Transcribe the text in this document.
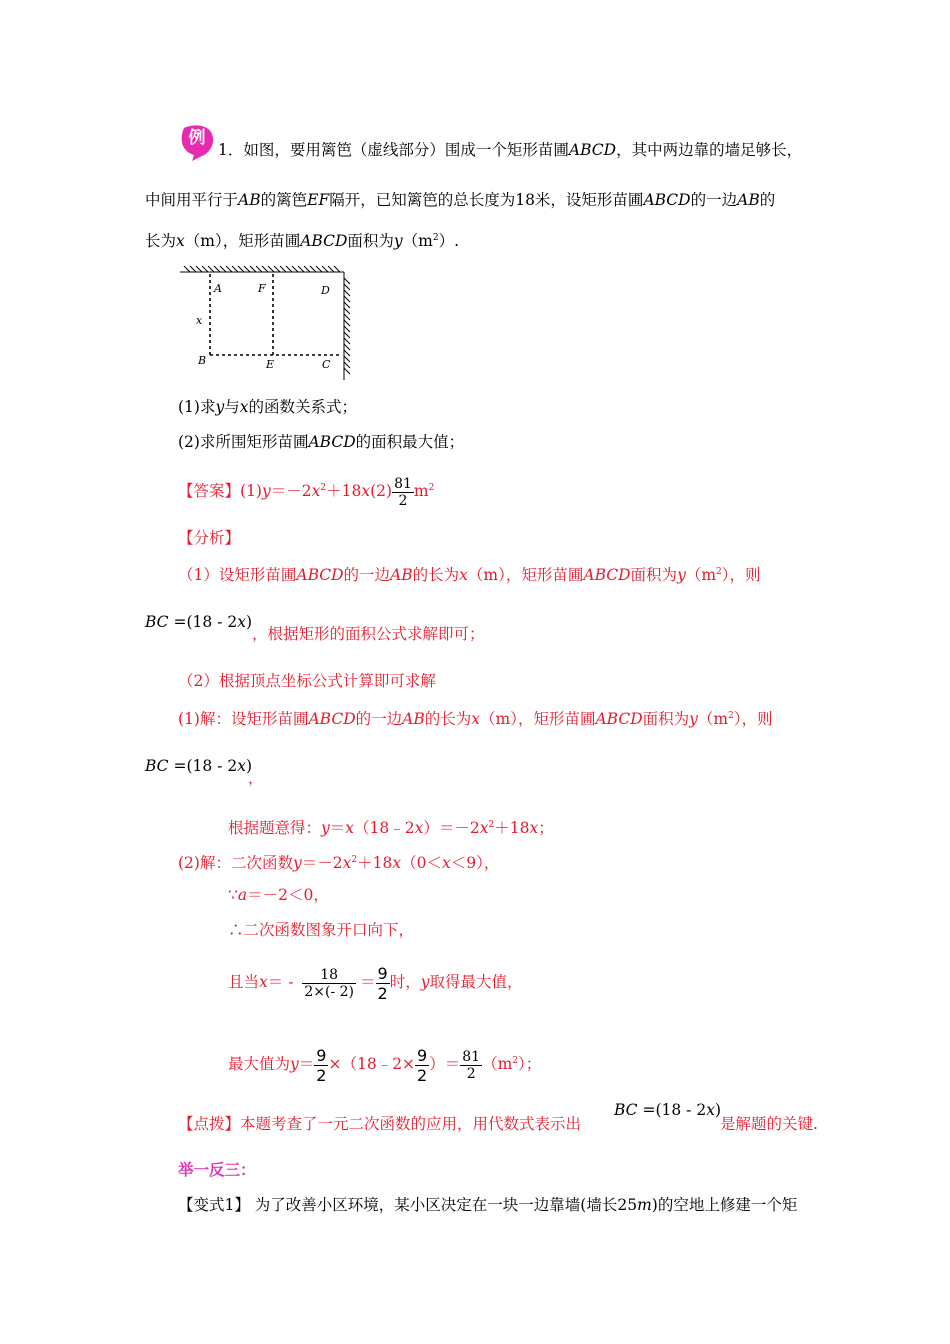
例
1．如图，要用篱笆（虚线部分）围成一个矩形苗圃ABCD，其中两边靠的墙足够长，
中间用平行于AB的篱笆EF隔开，已知篱笆的总长度为18米，设矩形苗圃ABCD的一边AB的
长为x（m），矩形苗圃ABCD面积为$y(m^2)$.
A	F	D
x
B	E	C
(1)求y与x的函数关系式；
(2)求所围矩形苗圃ABCD的面积最大值；
【答案】$(1)y=-2x^2+18x(2) \frac{81}{2} m^2$
【分析】
（1）设矩形苗圃ABCD的一边AB的长为x（m），矩形苗圃ABCD面积为$y(m^2)$，则
BC =(18 - 2x)
，根据矩形的面积公式求解即可；
（2）根据顶点坐标公式计算即可求解
(1)解：设矩形苗圃ABCD的一边AB的长为x（m），矩形苗圃ABCD面积为$y(m^2)$，则
BC =(18 - 2x)
，
根据题意得：$y=x(18﹣2x)=-2x^2+18x$；
(2)解：二次函数$y=-2x^2+18x(0<x<9)$，
∵a＝－2＜0，
∴二次函数图象开口向下，
且当$x= - \frac{18}{2\times(- 2)} = \frac{9}{2}$ 时，y取得最大值，
最大值为$y= \frac{9}{2}$ ×（18﹣2× $\frac{9}{2}$ ）＝ $\frac{81}{2} (m^2)$；
【点拨】本题考查了一元二次函数的应用，用代数式表示出
BC =(18 - 2x)
是解题的关键.
举一反三：
【变式1】 为了改善小区环境，某小区决定在一块一边靠墙(墙长25m)的空地上修建一个矩
